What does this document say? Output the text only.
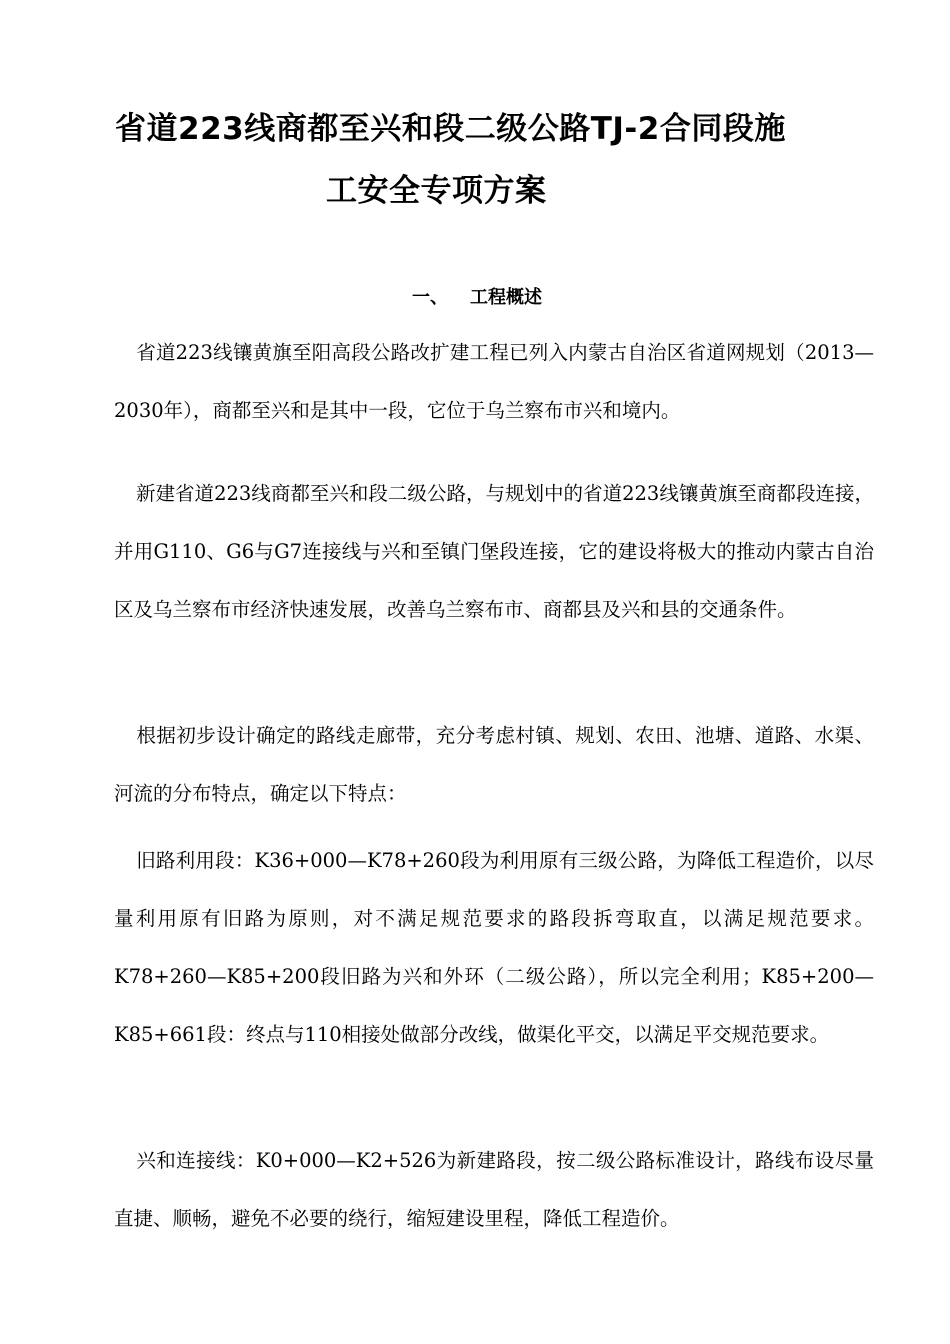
省道223线商都至兴和段二级公路TJ-2合同段施
工安全专项方案
一、 工程概述

省道223线镶黄旗至阳高段公路改扩建工程已列入内蒙古自治区省道网规划（2013—2030年），商都至兴和是其中一段，它位于乌兰察布市兴和境内。

新建省道223线商都至兴和段二级公路，与规划中的省道223线镶黄旗至商都段连接，并用G110、G6与G7连接线与兴和至镇门堡段连接，它的建设将极大的推动内蒙古自治区及乌兰察布市经济快速发展，改善乌兰察布市、商都县及兴和县的交通条件。

根据初步设计确定的路线走廊带，充分考虑村镇、规划、农田、池塘、道路、水渠、河流的分布特点，确定以下特点：

旧路利用段：K36+000—K78+260段为利用原有三级公路，为降低工程造价，以尽量利用原有旧路为原则，对不满足规范要求的路段拆弯取直，以满足规范要求。K78+260—K85+200段旧路为兴和外环（二级公路），所以完全利用；K85+200—K85+661段：终点与110相接处做部分改线，做渠化平交，以满足平交规范要求。

兴和连接线：K0+000—K2+526为新建路段，按二级公路标准设计，路线布设尽量直捷、顺畅，避免不必要的绕行，缩短建设里程，降低工程造价。
